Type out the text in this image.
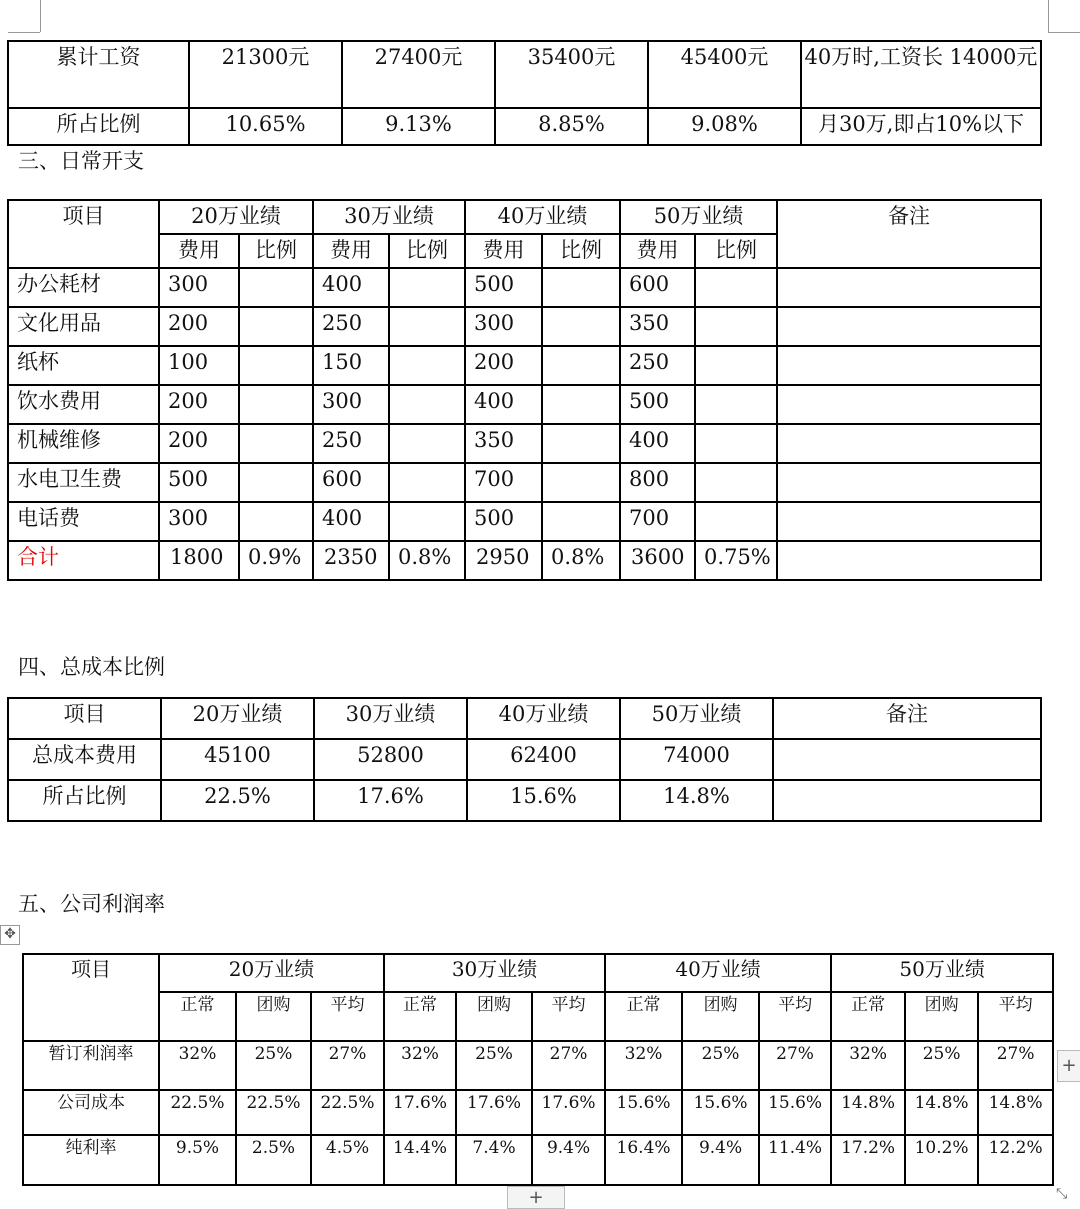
累计工资	21300元	27400元	35400元	45400元	40万时,工资长 14000元
所占比例	10.65%	9.13%	8.85%	9.08%	月30万,即占10%以下
三、日常开支
项目	20万业绩		30万业绩		40万业绩		50万业绩		备注
	费用	比例	费用	比例	费用	比例	费用	比例	
办公耗材	300		400		500		600		
文化用品	200		250		300		350		
纸杯	100		150		200		250		
饮水费用	200		300		400		500		
机械维修	200		250		350		400		
水电卫生费	500		600		700		800		
电话费	300		400		500		700		
合计	1800	0.9%	2350	0.8%	2950	0.8%	3600	0.75%	
四、总成本比例
项目	20万业绩	30万业绩	40万业绩	50万业绩	备注
总成本费用	45100	52800	62400	74000	
所占比例	22.5%	17.6%	15.6%	14.8%	
五、公司利润率
✥
项目	20万业绩			30万业绩			40万业绩			50万业绩		
	正常	团购	平均	正常	团购	平均	正常	团购	平均	正常	团购	平均
暂订利润率	32%	25%	27%	32%	25%	27%	32%	25%	27%	32%	25%	27%
公司成本	22.5%	22.5%	22.5%	17.6%	17.6%	17.6%	15.6%	15.6%	15.6%	14.8%	14.8%	14.8%
纯利率	9.5%	2.5%	4.5%	14.4%	7.4%	9.4%	16.4%	9.4%	11.4%	17.2%	10.2%	12.2%
+
+	⤡
